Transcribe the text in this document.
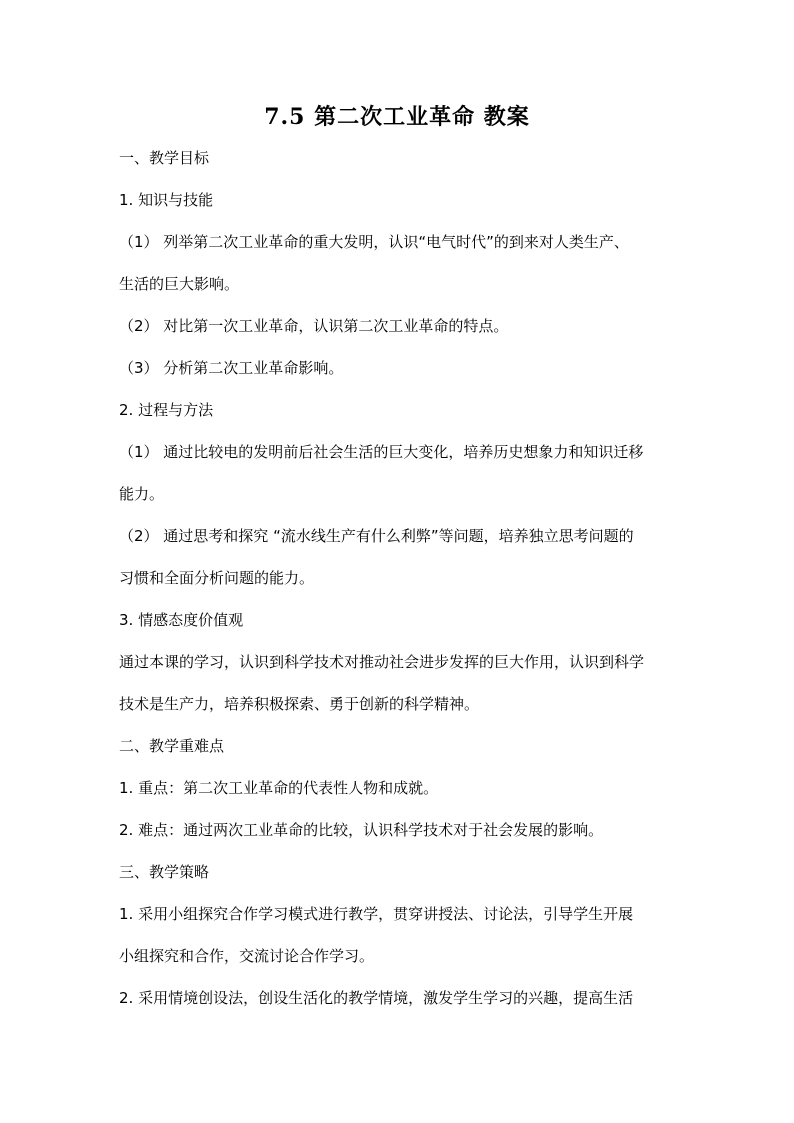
7.5 第二次工业革命 教案
一、教学目标
1. 知识与技能
（1） 列举第二次工业革命的重大发明，认识“电气时代”的到来对人类生产、
生活的巨大影响。
（2） 对比第一次工业革命，认识第二次工业革命的特点。
（3） 分析第二次工业革命影响。
2. 过程与方法
（1） 通过比较电的发明前后社会生活的巨大变化，培养历史想象力和知识迁移
能力。
（2） 通过思考和探究 “流水线生产有什么利弊”等问题，培养独立思考问题的
习惯和全面分析问题的能力。
3. 情感态度价值观
通过本课的学习，认识到科学技术对推动社会进步发挥的巨大作用，认识到科学
技术是生产力，培养积极探索、勇于创新的科学精神。
二、教学重难点
1. 重点：第二次工业革命的代表性人物和成就。
2. 难点：通过两次工业革命的比较，认识科学技术对于社会发展的影响。
三、教学策略
1. 采用小组探究合作学习模式进行教学，贯穿讲授法、讨论法，引导学生开展
小组探究和合作，交流讨论合作学习。
2. 采用情境创设法，创设生活化的教学情境，激发学生学习的兴趣，提高生活
